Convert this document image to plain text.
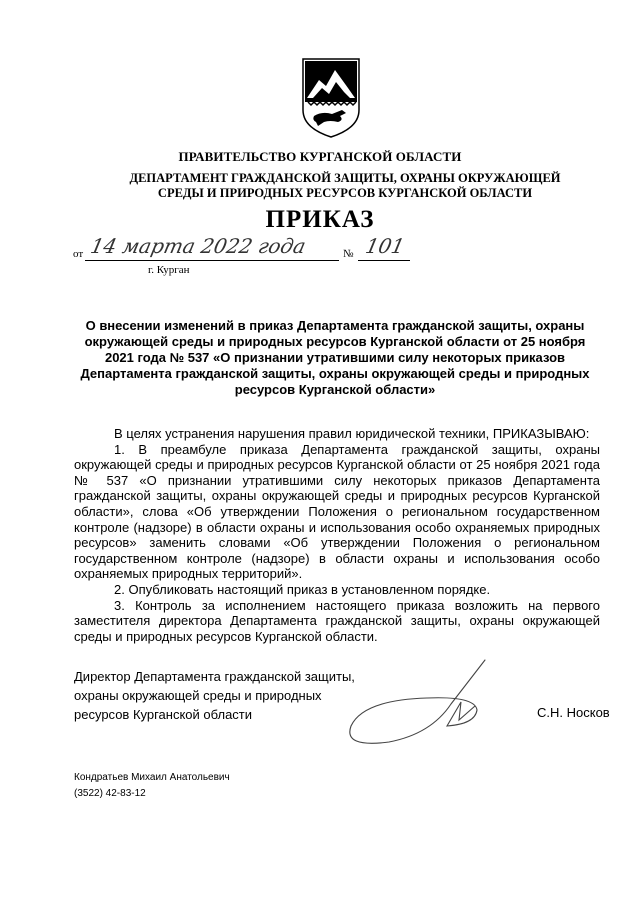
ПРАВИТЕЛЬСТВО КУРГАНСКОЙ ОБЛАСТИ
ДЕПАРТАМЕНТ ГРАЖДАНСКОЙ ЗАЩИТЫ, ОХРАНЫ ОКРУЖАЮЩЕЙ СРЕДЫ И ПРИРОДНЫХ РЕСУРСОВ КУРГАНСКОЙ ОБЛАСТИ
ПРИКАЗ
от 14 марта 2022 года	№ 101
г. Курган
О внесении изменений в приказ Департамента гражданской защиты, охраны окружающей среды и природных ресурсов Курганской области от 25 ноября 2021 года № 537 «О признании утратившими силу некоторых приказов Департамента гражданской защиты, охраны окружающей среды и природных ресурсов Курганской области»

В целях устранения нарушения правил юридической техники, ПРИКАЗЫВАЮ:

1. В преамбуле приказа Департамента гражданской защиты, охраны окружающей среды и природных ресурсов Курганской области от 25 ноября 2021 года № 537 «О признании утратившими силу некоторых приказов Департамента гражданской защиты, охраны окружающей среды и природных ресурсов Курганской области», слова «Об утверждении Положения о региональном государственном контроле (надзоре) в области охраны и использования особо охраняемых природных ресурсов» заменить словами «Об утверждении Положения о региональном государственном контроле (надзоре) в области охраны и использования особо охраняемых природных территорий».

2. Опубликовать настоящий приказ в установленном порядке.

3. Контроль за исполнением настоящего приказа возложить на первого заместителя директора Департамента гражданской защиты, охраны окружающей среды и природных ресурсов Курганской области.

Директор Департамента гражданской защиты,
охраны окружающей среды и природных
ресурсов Курганской области	С.Н. Носков
Кондратьев Михаил Анатольевич
(3522) 42-83-12
